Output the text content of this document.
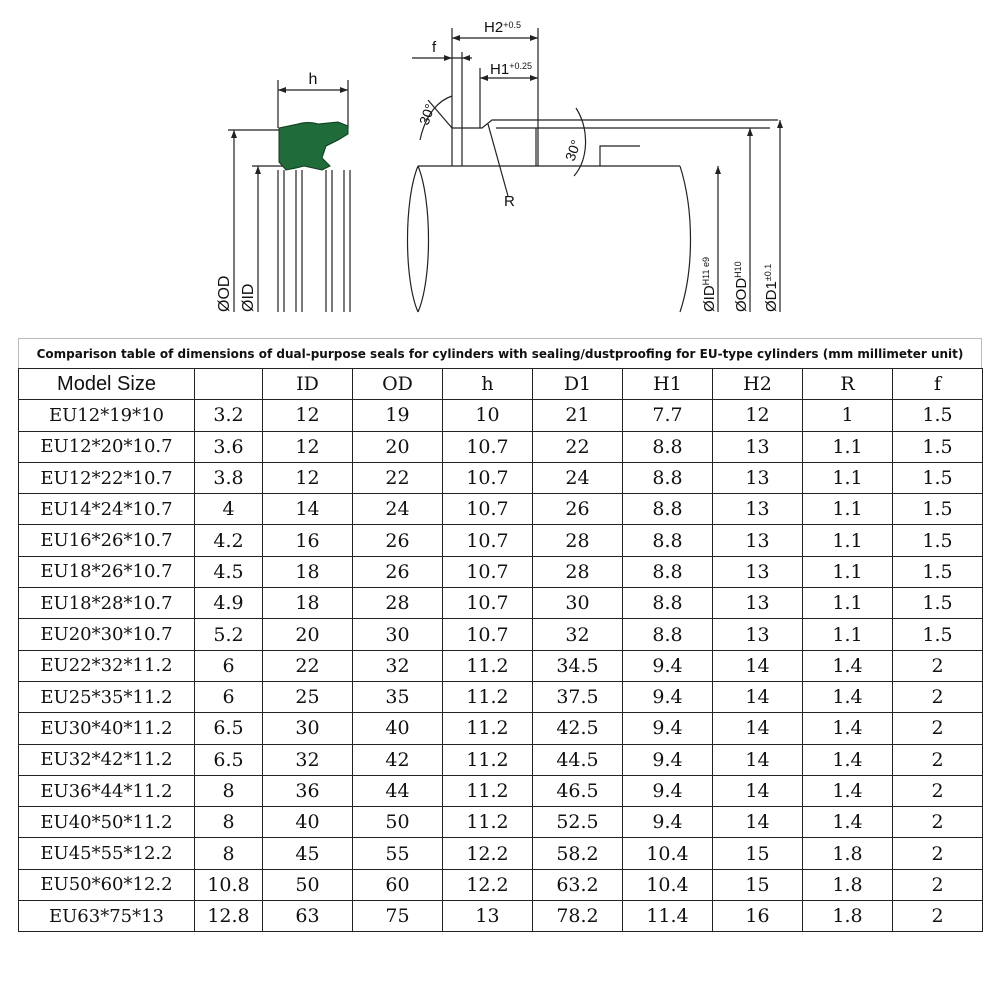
h
ØOD ØID
f
$H2^{+0.5}$
$H1^{+0.25}$
30°
30°
R
$ØID^{H11 e9}$
$ØOD^{H10}$
$ØD1^{\pm 0.1}$
Comparison table of dimensions of dual-purpose seals for cylinders with sealing/dustproofing for EU-type cylinders (mm millimeter unit)
Model Size		ID	OD	h	D1	H1	H2	R	f
EU12*19*10	3.2	12	19	10	21	7.7	12	1	1.5
EU12*20*10.7	3.6	12	20	10.7	22	8.8	13	1.1	1.5
EU12*22*10.7	3.8	12	22	10.7	24	8.8	13	1.1	1.5
EU14*24*10.7	4	14	24	10.7	26	8.8	13	1.1	1.5
EU16*26*10.7	4.2	16	26	10.7	28	8.8	13	1.1	1.5
EU18*26*10.7	4.5	18	26	10.7	28	8.8	13	1.1	1.5
EU18*28*10.7	4.9	18	28	10.7	30	8.8	13	1.1	1.5
EU20*30*10.7	5.2	20	30	10.7	32	8.8	13	1.1	1.5
EU22*32*11.2	6	22	32	11.2	34.5	9.4	14	1.4	2
EU25*35*11.2	6	25	35	11.2	37.5	9.4	14	1.4	2
EU30*40*11.2	6.5	30	40	11.2	42.5	9.4	14	1.4	2
EU32*42*11.2	6.5	32	42	11.2	44.5	9.4	14	1.4	2
EU36*44*11.2	8	36	44	11.2	46.5	9.4	14	1.4	2
EU40*50*11.2	8	40	50	11.2	52.5	9.4	14	1.4	2
EU45*55*12.2	8	45	55	12.2	58.2	10.4	15	1.8	2
EU50*60*12.2	10.8	50	60	12.2	63.2	10.4	15	1.8	2
EU63*75*13	12.8	63	75	13	78.2	11.4	16	1.8	2
